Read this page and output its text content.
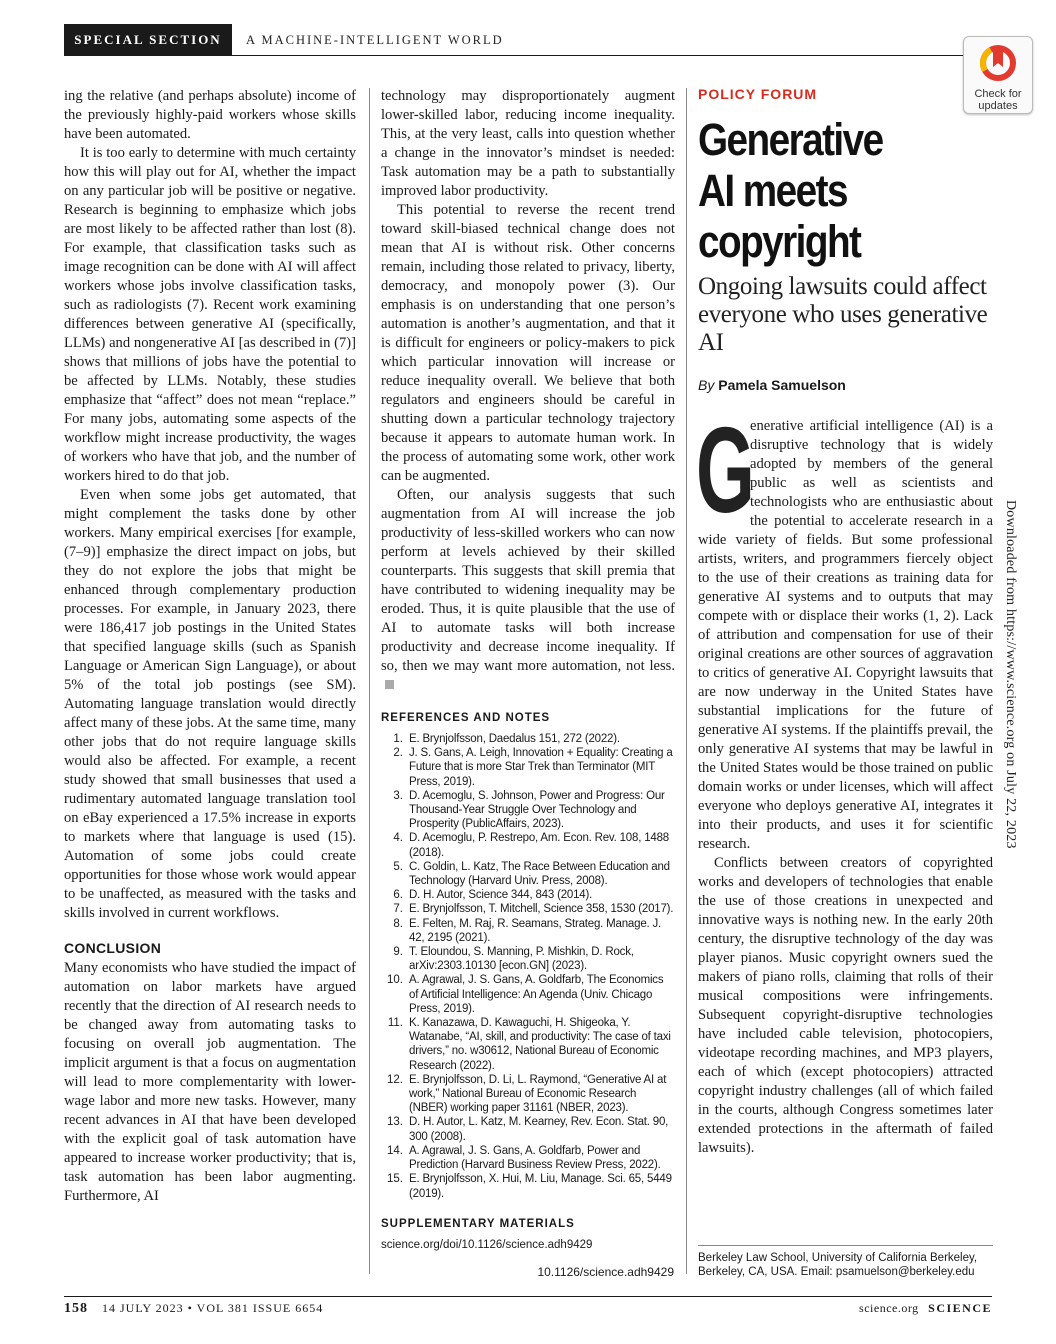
SPECIAL SECTION	A MACHINE-INTELLIGENT WORLD
Check for
updates

ing the relative (and perhaps absolute) income of the previously highly-paid workers whose skills have been automated.

It is too early to determine with much certainty how this will play out for AI, whether the impact on any particular job will be positive or negative. Research is beginning to emphasize which jobs are most likely to be affected rather than lost (8). For example, that classification tasks such as image recognition can be done with AI will affect workers whose jobs involve classification tasks, such as radiologists (7). Recent work examining differences between generative AI (specifically, LLMs) and nongenerative AI [as described in (7)] shows that millions of jobs have the potential to be affected by LLMs. Notably, these studies emphasize that “affect” does not mean “replace.” For many jobs, automating some aspects of the workflow might increase productivity, the wages of workers who have that job, and the number of workers hired to do that job.

Even when some jobs get automated, that might complement the tasks done by other workers. Many empirical exercises [for example, (7–9)] emphasize the direct impact on jobs, but they do not explore the jobs that might be enhanced through complementary production processes. For example, in January 2023, there were 186,417 job postings in the United States that specified language skills (such as Spanish Language or American Sign Language), or about 5% of the total job postings (see SM). Automating language translation would directly affect many of these jobs. At the same time, many other jobs that do not require language skills would also be affected. For example, a recent study showed that small businesses that used a rudimentary automated language translation tool on eBay experienced a 17.5% increase in exports to markets where that language is used (15). Automation of some jobs could create opportunities for those whose work would appear to be unaffected, as measured with the tasks and skills involved in current workflows.

CONCLUSION

Many economists who have studied the impact of automation on labor markets have argued recently that the direction of AI research needs to be changed away from automating tasks to focusing on overall job augmentation. The implicit argument is that a focus on augmentation will lead to more complementarity with lower-wage labor and more new tasks. However, many recent advances in AI that have been developed with the explicit goal of task automation have appeared to increase worker productivity; that is, task automation has been labor augmenting. Furthermore, AI

technology may disproportionately augment lower-skilled labor, reducing income inequality. This, at the very least, calls into question whether a change in the innovator’s mindset is needed: Task automation may be a path to substantially improved labor productivity.

This potential to reverse the recent trend toward skill-biased technical change does not mean that AI is without risk. Other concerns remain, including those related to privacy, liberty, democracy, and monopoly power (3). Our emphasis is on understanding that one person’s automation is another’s augmentation, and that it is difficult for engineers or policy-makers to pick which particular innovation will increase or reduce inequality overall. We believe that both regulators and engineers should be careful in shutting down a particular technology trajectory because it appears to automate human work. In the process of automating some work, other work can be augmented.

Often, our analysis suggests that such augmentation from AI will increase the job productivity of less-skilled workers who can now perform at levels achieved by their skilled counterparts. This suggests that skill premia that have contributed to widening inequality may be eroded. Thus, it is quite plausible that the use of AI to automate tasks will both increase productivity and decrease income inequality. If so, then we may want more automation, not less.

REFERENCES AND NOTES
1. E. Brynjolfsson, Daedalus 151, 272 (2022).
2. J. S. Gans, A. Leigh, Innovation + Equality: Creating a Future that is more Star Trek than Terminator (MIT Press, 2019).
3. D. Acemoglu, S. Johnson, Power and Progress: Our Thousand-Year Struggle Over Technology and Prosperity (PublicAffairs, 2023).
4. D. Acemoglu, P. Restrepo, Am. Econ. Rev. 108, 1488 (2018).
5. C. Goldin, L. Katz, The Race Between Education and Technology (Harvard Univ. Press, 2008).
6. D. H. Autor, Science 344, 843 (2014).
7. E. Brynjolfsson, T. Mitchell, Science 358, 1530 (2017).
8. E. Felten, M. Raj, R. Seamans, Strateg. Manage. J. 42, 2195 (2021).
9. T. Eloundou, S. Manning, P. Mishkin, D. Rock, arXiv:2303.10130 [econ.GN] (2023).
10. A. Agrawal, J. S. Gans, A. Goldfarb, The Economics of Artificial Intelligence: An Agenda (Univ. Chicago Press, 2019).
11. K. Kanazawa, D. Kawaguchi, H. Shigeoka, Y. Watanabe, “AI, skill, and productivity: The case of taxi drivers,” no. w30612, National Bureau of Economic Research (2022).
12. E. Brynjolfsson, D. Li, L. Raymond, “Generative AI at work,” National Bureau of Economic Research (NBER) working paper 31161 (NBER, 2023).
13. D. H. Autor, L. Katz, M. Kearney, Rev. Econ. Stat. 90, 300 (2008).
14. A. Agrawal, J. S. Gans, A. Goldfarb, Power and Prediction (Harvard Business Review Press, 2022).
15. E. Brynjolfsson, X. Hui, M. Liu, Manage. Sci. 65, 5449 (2019).
SUPPLEMENTARY MATERIALS
science.org/doi/10.1126/science.adh9429
10.1126/science.adh9429
POLICY FORUM
Generative
AI meets
copyright
Ongoing lawsuits could affect everyone who uses generative AI
By Pamela Samuelson

G
enerative artificial intelligence (AI) is a disruptive technology that is widely adopted by members of the general public as well as scientists and technologists who are enthusiastic about the potential to accelerate research in a wide variety of fields. But some professional artists, writers, and programmers fiercely object to the use of their creations as training data for generative AI systems and to outputs that may compete with or displace their works (1, 2). Lack of attribution and compensation for use of their original creations are other sources of aggravation to critics of generative AI. Copyright lawsuits that are now underway in the United States have substantial implications for the future of generative AI systems. If the plaintiffs prevail, the only generative AI systems that may be lawful in the United States would be those trained on public domain works or under licenses, which will affect everyone who deploys generative AI, integrates it into their products, and uses it for scientific research.

Conflicts between creators of copyrighted works and developers of technologies that enable the use of those creations in unexpected and innovative ways is nothing new. In the early 20th century, the disruptive technology of the day was player pianos. Music copyright owners sued the makers of piano rolls, claiming that rolls of their musical compositions were infringements. Subsequent copyright-disruptive technologies have included cable television, photocopiers, videotape recording machines, and MP3 players, each of which (except photocopiers) attracted copyright industry challenges (all of which failed in the courts, although Congress sometimes later extended protections in the aftermath of failed lawsuits).

Berkeley Law School, University of California Berkeley, Berkeley, CA, USA. Email: psamuelson@berkeley.edu
Downloaded from https://www.science.org on July 22, 2023
158 14 JULY 2023 • VOL 381 ISSUE 6654	science.org SCIENCE
